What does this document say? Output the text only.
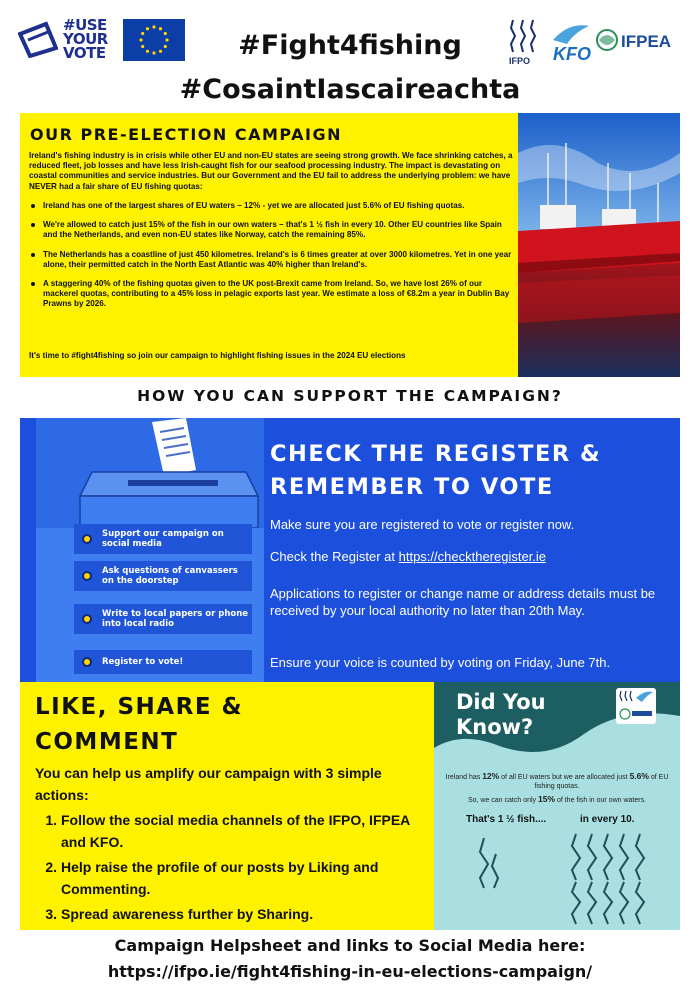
#USE
YOUR
VOTE	#Fight4fishing
#CosaintIascaireachta
IFPO KFO
IFPEA
OUR PRE-ELECTION CAMPAIGN

Ireland's fishing industry is in crisis while other EU and non-EU states are seeing strong growth. We face shrinking catches, a reduced fleet, job losses and have less Irish-caught fish for our seafood processing industry. The impact is devastating on coastal communities and service industries. But our Government and the EU fail to address the underlying problem: we have NEVER had a fair share of EU fishing quotas:

Ireland has one of the largest shares of EU waters – 12% - yet we are allocated just 5.6% of EU fishing quotas.
We're allowed to catch just 15% of the fish in our own waters – that's 1 ½ fish in every 10. Other EU countries like Spain and the Netherlands, and even non-EU states like Norway, catch the remaining 85%.
The Netherlands has a coastline of just 450 kilometres. Ireland's is 6 times greater at over 3000 kilometres. Yet in one year alone, their permitted catch in the North East Atlantic was 40% higher than Ireland's.
A staggering 40% of the fishing quotas given to the UK post-Brexit came from Ireland. So, we have lost 26% of our mackerel quotas, contributing to a 45% loss in pelagic exports last year. We estimate a loss of €8.2m a year in Dublin Bay Prawns by 2026.

It's time to #fight4fishing so join our campaign to highlight fishing issues in the 2024 EU elections

HOW YOU CAN SUPPORT THE CAMPAIGN?
Support our campaign on social media
Ask questions of canvassers on the doorstep
Write to local papers or phone into local radio
Register to vote!
CHECK THE REGISTER &
REMEMBER TO VOTE

Make sure you are registered to vote or register now.

Check the Register at https://checktheregister.ie

Applications to register or change name or address details must be received by your local authority no later than 20th May.

Ensure your voice is counted by voting on Friday, June 7th.

LIKE, SHARE &
COMMENT

You can help us amplify our campaign with 3 simple actions:

1. Follow the social media channels of the IFPO, IFPEA and KFO.
2. Help raise the profile of our posts by Liking and Commenting.
3. Spread awareness further by Sharing.
Did You
Know?

Ireland has 12% of all EU waters but we are allocated just 5.6% of EU fishing quotas.

So, we can catch only 15% of the fish in our own waters.

That's 1 ½ fish....	in every 10.
Campaign Helpsheet and links to Social Media here:
https://ifpo.ie/fight4fishing-in-eu-elections-campaign/
